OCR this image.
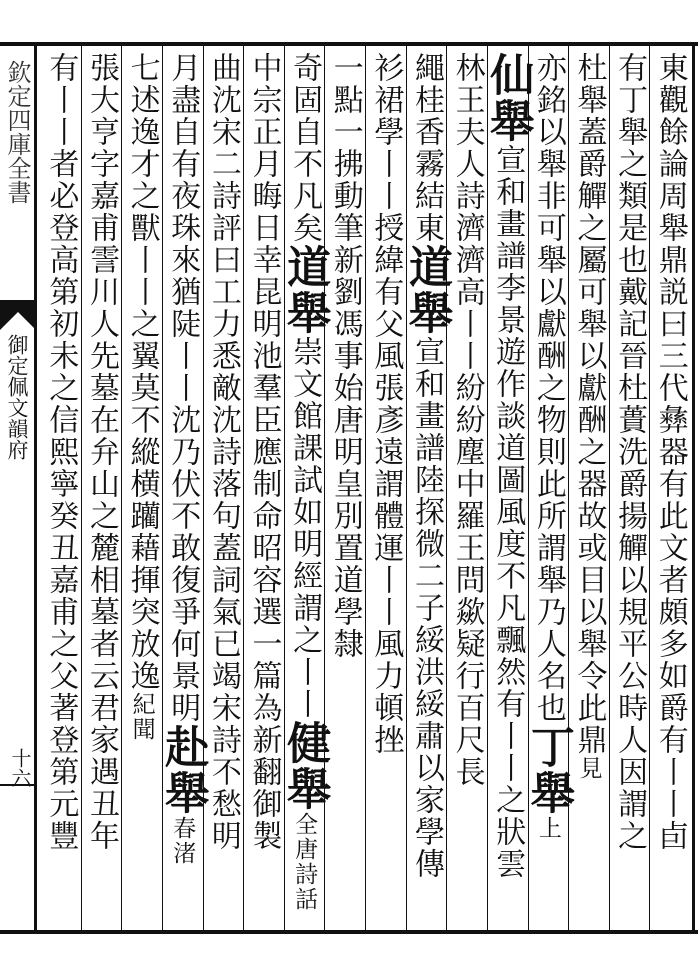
欽定四庫全書
御定佩文韻府
十六	東觀餘論周舉鼎説曰三代彝器有此文者頗多如爵有丨丨卣
有丁舉之類是也戴記晉杜蕢洗爵揚觶以規平公時人因謂之
杜舉蓋爵觶之屬可舉以獻酬之器故或目以舉令此鼎見
亦銘以舉非可舉以獻酬之物則此所謂舉乃人名也丁舉上
仙舉宣和畫譜李景遊作談道圖風度不凡飄然有丨丨之狀雲
林王夫人詩濟濟高丨丨紛紛塵中羅王問歘疑行百尺長
繩桂香霧結東道舉宣和畫譜陸探微二子綏洪綏肅以家學傳
衫裙學丨丨授緯有父風張彥遠謂體運丨丨風力頓挫
一點一拂動筆新劉馮事始唐明皇別置道學隸
奇固自不凡矣道舉崇文館課試如明經謂之丨丨健舉全唐詩話
中宗正月晦日幸昆明池羣臣應制命昭容選一篇為新翻御製
曲沈宋二詩評曰工力悉敵沈詩落句蓋詞氣已竭宋詩不愁明
月盡自有夜珠來猶陡丨丨沈乃伏不敢復爭何景明赴舉春渚
七述逸才之獸丨丨之翼莫不縱横躪藉揮突放逸紀聞
張大亨字嘉甫霅川人先墓在弁山之麓相墓者云君家遇丑年
有丨丨者必登高第初未之信熙寧癸丑嘉甫之父著登第元豐
